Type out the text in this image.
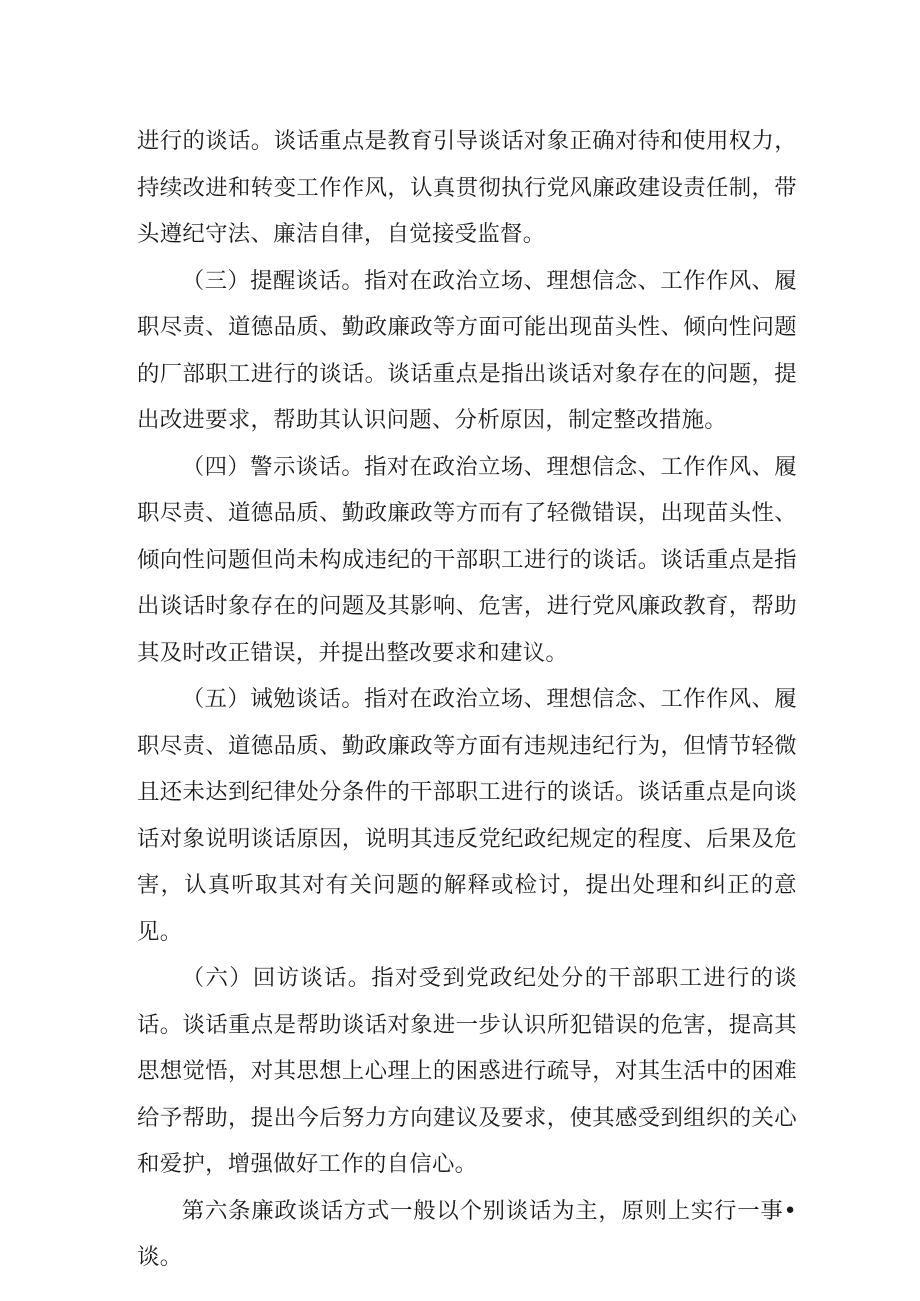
进行的谈话。谈话重点是教育引导谈话对象正确对待和使用权力，持续改进和转变工作作风，认真贯彻执行党风廉政建设责任制，带头遵纪守法、廉洁自律，自觉接受监督。

（三）提醒谈话。指对在政治立场、理想信念、工作作风、履职尽责、道德品质、勤政廉政等方面可能出现苗头性、倾向性问题的厂部职工进行的谈话。谈话重点是指出谈话对象存在的问题，提出改进要求，帮助其认识问题、分析原因，制定整改措施。

（四）警示谈话。指对在政治立场、理想信念、工作作风、履职尽责、道德品质、勤政廉政等方而有了轻微错误，出现苗头性、倾向性问题但尚未构成违纪的干部职工进行的谈话。谈话重点是指出谈话时象存在的问题及其影响、危害，进行党风廉政教育，帮助其及时改正错误，并提出整改要求和建议。

（五）诫勉谈话。指对在政治立场、理想信念、工作作风、履职尽责、道德品质、勤政廉政等方面有违规违纪行为，但情节轻微且还未达到纪律处分条件的干部职工进行的谈话。谈话重点是向谈话对象说明谈话原因，说明其违反党纪政纪规定的程度、后果及危害，认真听取其对有关问题的解释或检讨，提出处理和纠正的意见。

（六）回访谈话。指对受到党政纪处分的干部职工进行的谈话。谈话重点是帮助谈话对象进一步认识所犯错误的危害，提高其思想觉悟，对其思想上心理上的困惑进行疏导，对其生活中的困难给予帮助，提出今后努力方向建议及要求，使其感受到组织的关心和爱护，增强做好工作的自信心。

第六条廉政谈话方式一般以个别谈话为主，原则上实行一事•谈。
